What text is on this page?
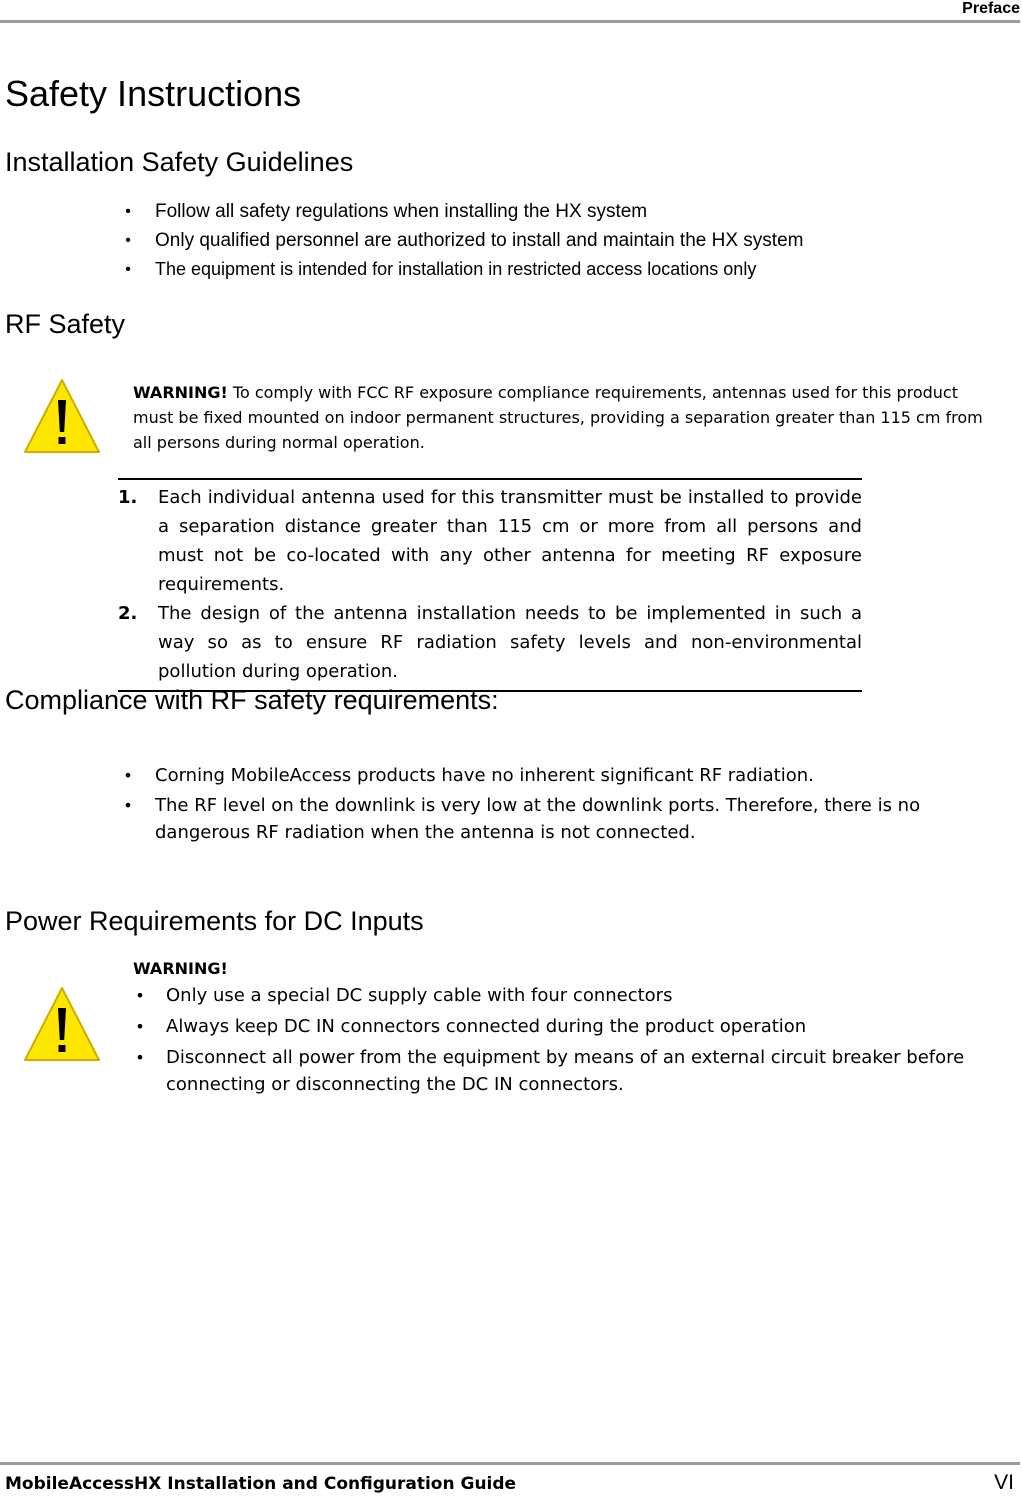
Preface
Safety Instructions
Installation Safety Guidelines
•	Follow all safety regulations when installing the HX system
•	Only qualified personnel are authorized to install and maintain the HX system
•	The equipment is intended for installation in restricted access locations only
RF Safety
WARNING! To comply with FCC RF exposure compliance requirements, antennas used for this product must be fixed mounted on indoor permanent structures, providing a separation greater than 115 cm from all persons during normal operation.
1. Each individual antenna used for this transmitter must be installed to provide a separation distance greater than 115 cm or more from all persons and must not be co-located with any other antenna for meeting RF exposure requirements.
2. The design of the antenna installation needs to be implemented in such a way so as to ensure RF radiation safety levels and non-environmental pollution during operation.
Compliance with RF safety requirements:
• Corning MobileAccess products have no inherent significant RF radiation.
• The RF level on the downlink is very low at the downlink ports. Therefore, there is no dangerous RF radiation when the antenna is not connected.
Power Requirements for DC Inputs
WARNING!
• Only use a special DC supply cable with four connectors
• Always keep DC IN connectors connected during the product operation
• Disconnect all power from the equipment by means of an external circuit breaker before connecting or disconnecting the DC IN connectors.
MobileAccessHX Installation and Configuration Guide	VI
